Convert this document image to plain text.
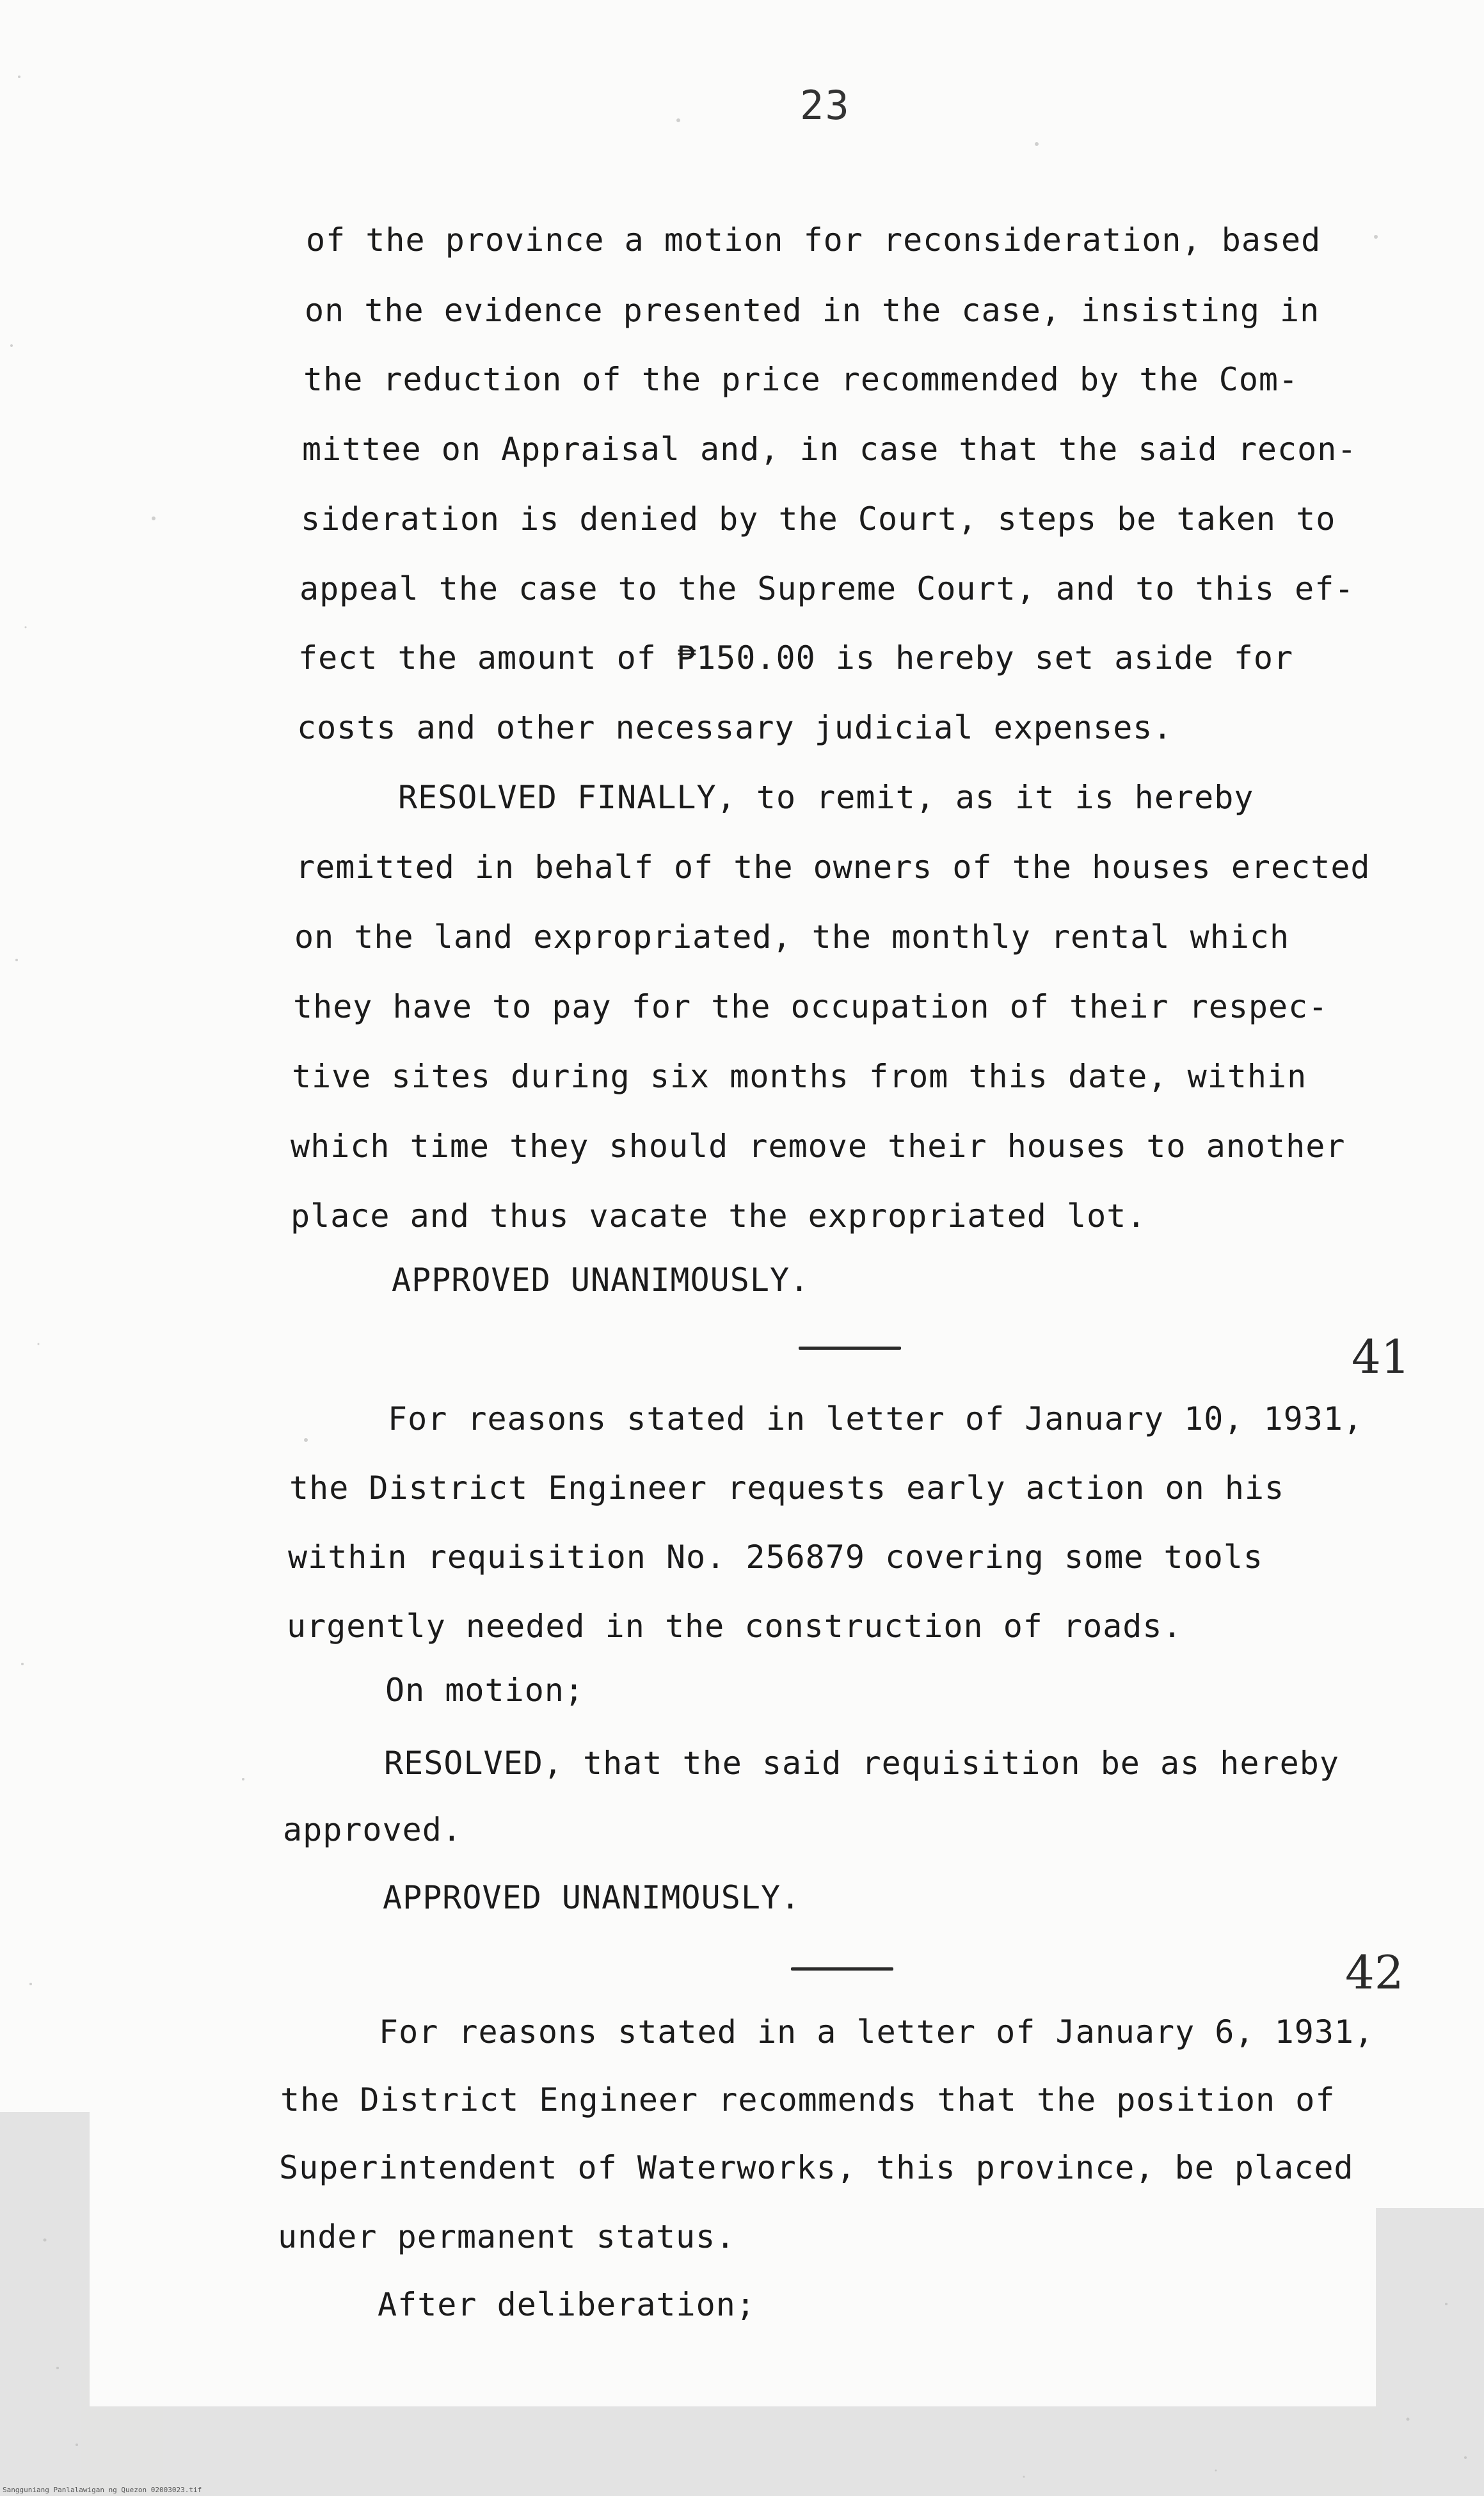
23
of the province a motion for reconsideration, based
on the evidence presented in the case, insisting in
the reduction of the price recommended by the Com-
mittee on Appraisal and, in case that the said recon-
sideration is denied by the Court, steps be taken to
appeal the case to the Supreme Court, and to this ef-
fect the amount of ₱150.00 is hereby set aside for
costs and other necessary judicial expenses.
RESOLVED FINALLY, to remit, as it is hereby
remitted in behalf of the owners of the houses erected
on the land expropriated, the monthly rental which
they have to pay for the occupation of their respec-
tive sites during six months from this date, within
which time they should remove their houses to another
place and thus vacate the expropriated lot.
APPROVED UNANIMOUSLY.
41
For reasons stated in letter of January 10, 1931,
the District Engineer requests early action on his
within requisition No. 256879 covering some tools
urgently needed in the construction of roads.
On motion;
RESOLVED, that the said requisition be as hereby
approved.
APPROVED UNANIMOUSLY.
42
For reasons stated in a letter of January 6, 1931,
the District Engineer recommends that the position of
Superintendent of Waterworks, this province, be placed
under permanent status.
After deliberation;
Sangguniang Panlalawigan ng Quezon 02003023.tif
